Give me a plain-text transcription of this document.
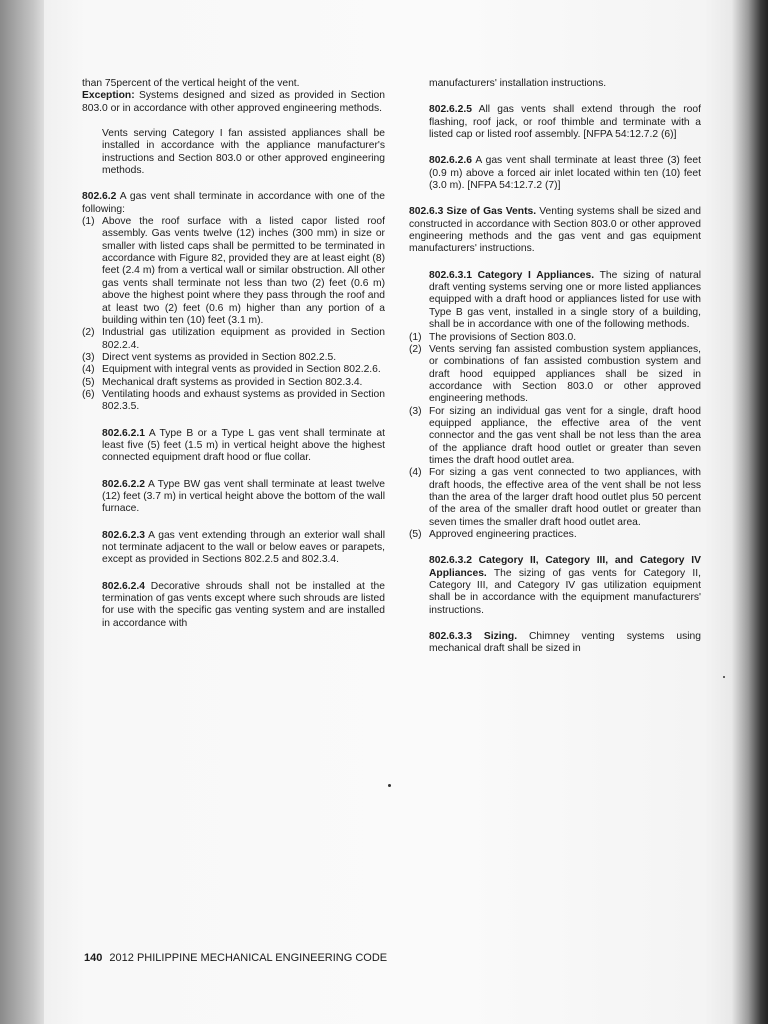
than 75percent of the vertical height of the vent.

Exception: Systems designed and sized as provided in Section 803.0 or in accordance with other approved engineering methods.

Vents serving Category I fan assisted appliances shall be installed in accordance with the appliance manufacturer's instructions and Section 803.0 or other approved engineering methods.

802.6.2 A gas vent shall terminate in accordance with one of the following:

(1) Above the roof surface with a listed capor listed roof assembly. Gas vents twelve (12) inches (300 mm) in size or smaller with listed caps shall be permitted to be terminated in accordance with Figure 82, provided they are at least eight (8) feet (2.4 m) from a vertical wall or similar obstruction. All other gas vents shall terminate not less than two (2) feet (0.6 m) above the highest point where they pass through the roof and at least two (2) feet (0.6 m) higher than any portion of a building within ten (10) feet (3.1 m).
(2) Industrial gas utilization equipment as provided in Section 802.2.4.
(3) Direct vent systems as provided in Section 802.2.5.
(4) Equipment with integral vents as provided in Section 802.2.6.
(5) Mechanical draft systems as provided in Section 802.3.4.
(6) Ventilating hoods and exhaust systems as provided in Section 802.3.5.

802.6.2.1 A Type B or a Type L gas vent shall terminate at least five (5) feet (1.5 m) in vertical height above the highest connected equipment draft hood or flue collar.

802.6.2.2 A Type BW gas vent shall terminate at least twelve (12) feet (3.7 m) in vertical height above the bottom of the wall furnace.

802.6.2.3 A gas vent extending through an exterior wall shall not terminate adjacent to the wall or below eaves or parapets, except as provided in Sections 802.2.5 and 802.3.4.

802.6.2.4 Decorative shrouds shall not be installed at the termination of gas vents except where such shrouds are listed for use with the specific gas venting system and are installed in accordance with

manufacturers' installation instructions.

802.6.2.5 All gas vents shall extend through the roof flashing, roof jack, or roof thimble and terminate with a listed cap or listed roof assembly. [NFPA 54:12.7.2 (6)]

802.6.2.6 A gas vent shall terminate at least three (3) feet (0.9 m) above a forced air inlet located within ten (10) feet (3.0 m). [NFPA 54:12.7.2 (7)]

802.6.3 Size of Gas Vents. Venting systems shall be sized and constructed in accordance with Section 803.0 or other approved engineering methods and the gas vent and gas equipment manufacturers' instructions.

802.6.3.1 Category I Appliances. The sizing of natural draft venting systems serving one or more listed appliances equipped with a draft hood or appliances listed for use with Type B gas vent, installed in a single story of a building, shall be in accordance with one of the following methods.

(1) The provisions of Section 803.0.
(2) Vents serving fan assisted combustion system appliances, or combinations of fan assisted combustion system and draft hood equipped appliances shall be sized in accordance with Section 803.0 or other approved engineering methods.
(3) For sizing an individual gas vent for a single, draft hood equipped appliance, the effective area of the vent connector and the gas vent shall be not less than the area of the appliance draft hood outlet or greater than seven times the draft hood outlet area.
(4) For sizing a gas vent connected to two appliances, with draft hoods, the effective area of the vent shall be not less than the area of the larger draft hood outlet plus 50 percent of the area of the smaller draft hood outlet or greater than seven times the smaller draft hood outlet area.
(5) Approved engineering practices.

802.6.3.2 Category II, Category III, and Category IV Appliances. The sizing of gas vents for Category II, Category III, and Category IV gas utilization equipment shall be in accordance with the equipment manufacturers' instructions.

802.6.3.3 Sizing. Chimney venting systems using mechanical draft shall be sized in

140 2012 PHILIPPINE MECHANICAL ENGINEERING CODE
